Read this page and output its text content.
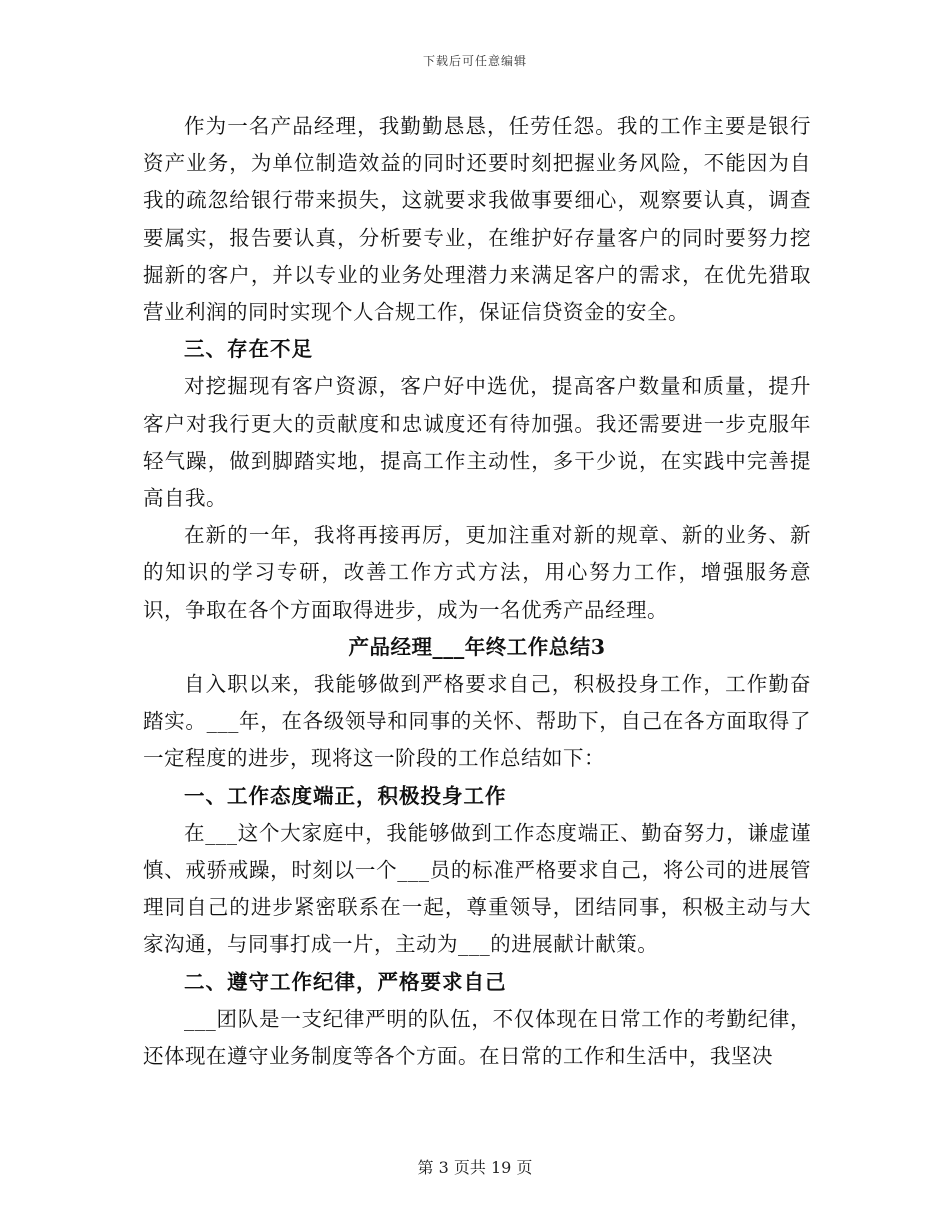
下载后可任意编辑

作为一名产品经理，我勤勤恳恳，任劳任怨。我的工作主要是银行资产业务，为单位制造效益的同时还要时刻把握业务风险，不能因为自我的疏忽给银行带来损失，这就要求我做事要细心，观察要认真，调查要属实，报告要认真，分析要专业，在维护好存量客户的同时要努力挖掘新的客户，并以专业的业务处理潜力来满足客户的需求，在优先猎取营业利润的同时实现个人合规工作，保证信贷资金的安全。

三、存在不足

对挖掘现有客户资源，客户好中选优，提高客户数量和质量，提升客户对我行更大的贡献度和忠诚度还有待加强。我还需要进一步克服年轻气躁，做到脚踏实地，提高工作主动性，多干少说，在实践中完善提高自我。

在新的一年，我将再接再厉，更加注重对新的规章、新的业务、新的知识的学习专研，改善工作方式方法，用心努力工作，增强服务意识，争取在各个方面取得进步，成为一名优秀产品经理。

产品经理___年终工作总结3

自入职以来，我能够做到严格要求自己，积极投身工作，工作勤奋踏实。___年，在各级领导和同事的关怀、帮助下，自己在各方面取得了一定程度的进步，现将这一阶段的工作总结如下：

一、工作态度端正，积极投身工作

在___这个大家庭中，我能够做到工作态度端正、勤奋努力，谦虚谨慎、戒骄戒躁，时刻以一个___员的标准严格要求自己，将公司的进展管理同自己的进步紧密联系在一起，尊重领导，团结同事，积极主动与大家沟通，与同事打成一片，主动为___的进展献计献策。

二、遵守工作纪律，严格要求自己

___团队是一支纪律严明的队伍，不仅体现在日常工作的考勤纪律，还体现在遵守业务制度等各个方面。在日常的工作和生活中，我坚决

第 3 页共 19 页
